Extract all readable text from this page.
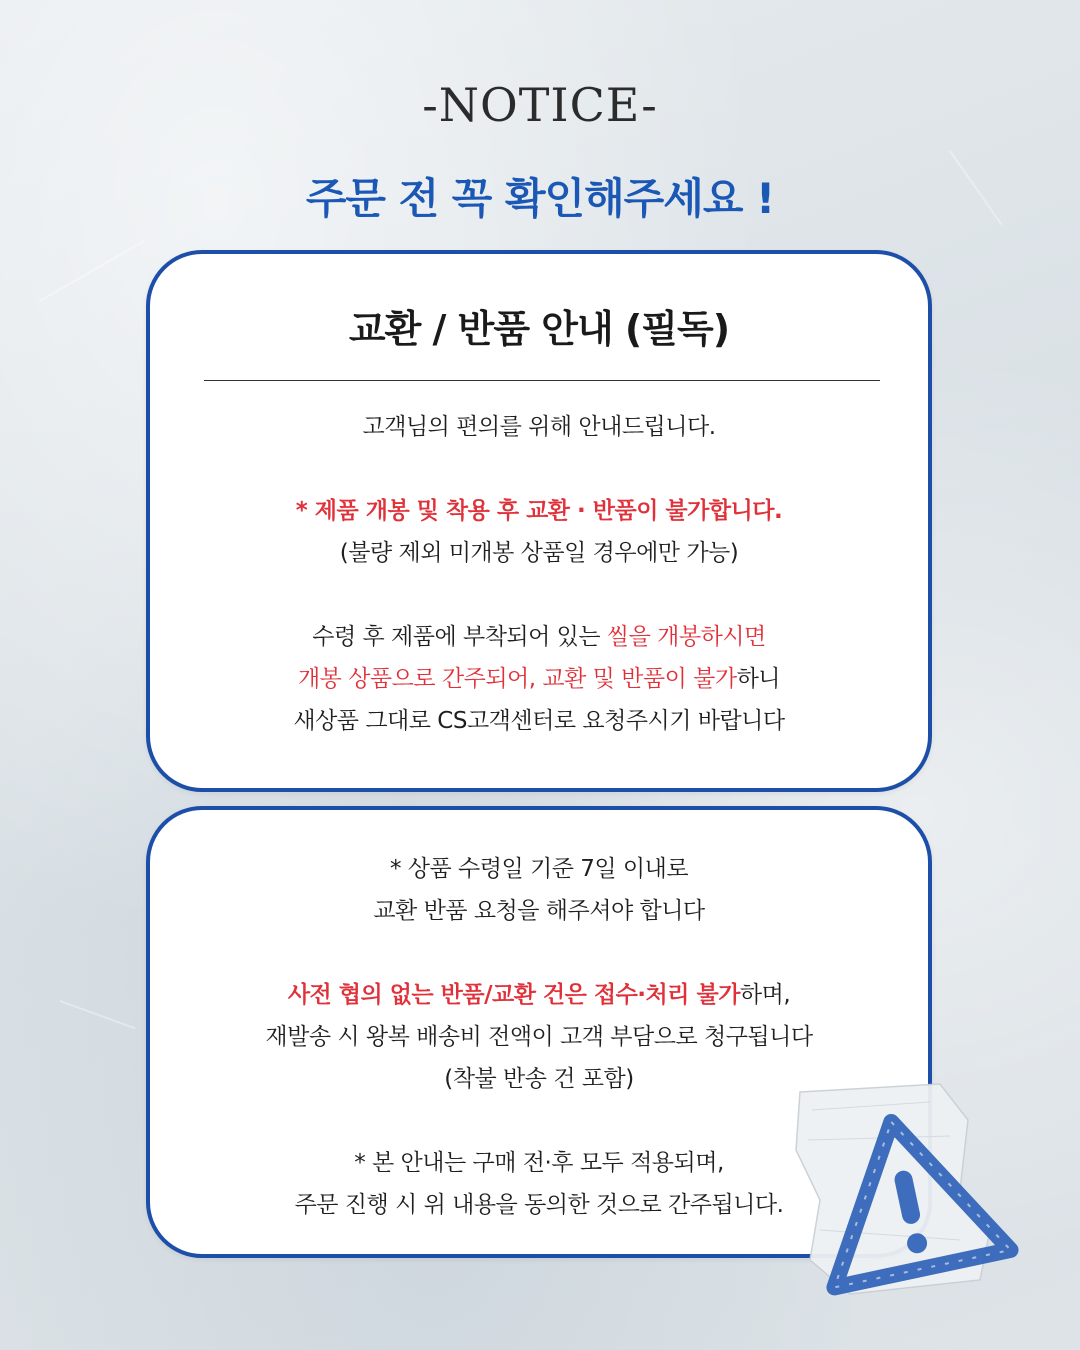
-NOTICE-
주문 전 꼭 확인해주세요 !
교환 / 반품 안내 (필독)
고객님의 편의를 위해 안내드립니다.
* 제품 개봉 및 착용 후 교환 · 반품이 불가합니다.
(불량 제외 미개봉 상품일 경우에만 가능)
수령 후 제품에 부착되어 있는 씰을 개봉하시면
개봉 상품으로 간주되어, 교환 및 반품이 불가하니
새상품 그대로 CS고객센터로 요청주시기 바랍니다
* 상품 수령일 기준 7일 이내로
교환 반품 요청을 해주셔야 합니다
사전 협의 없는 반품/교환 건은 접수·처리 불가하며,
재발송 시 왕복 배송비 전액이 고객 부담으로 청구됩니다
(착불 반송 건 포함)
* 본 안내는 구매 전·후 모두 적용되며,
주문 진행 시 위 내용을 동의한 것으로 간주됩니다.
